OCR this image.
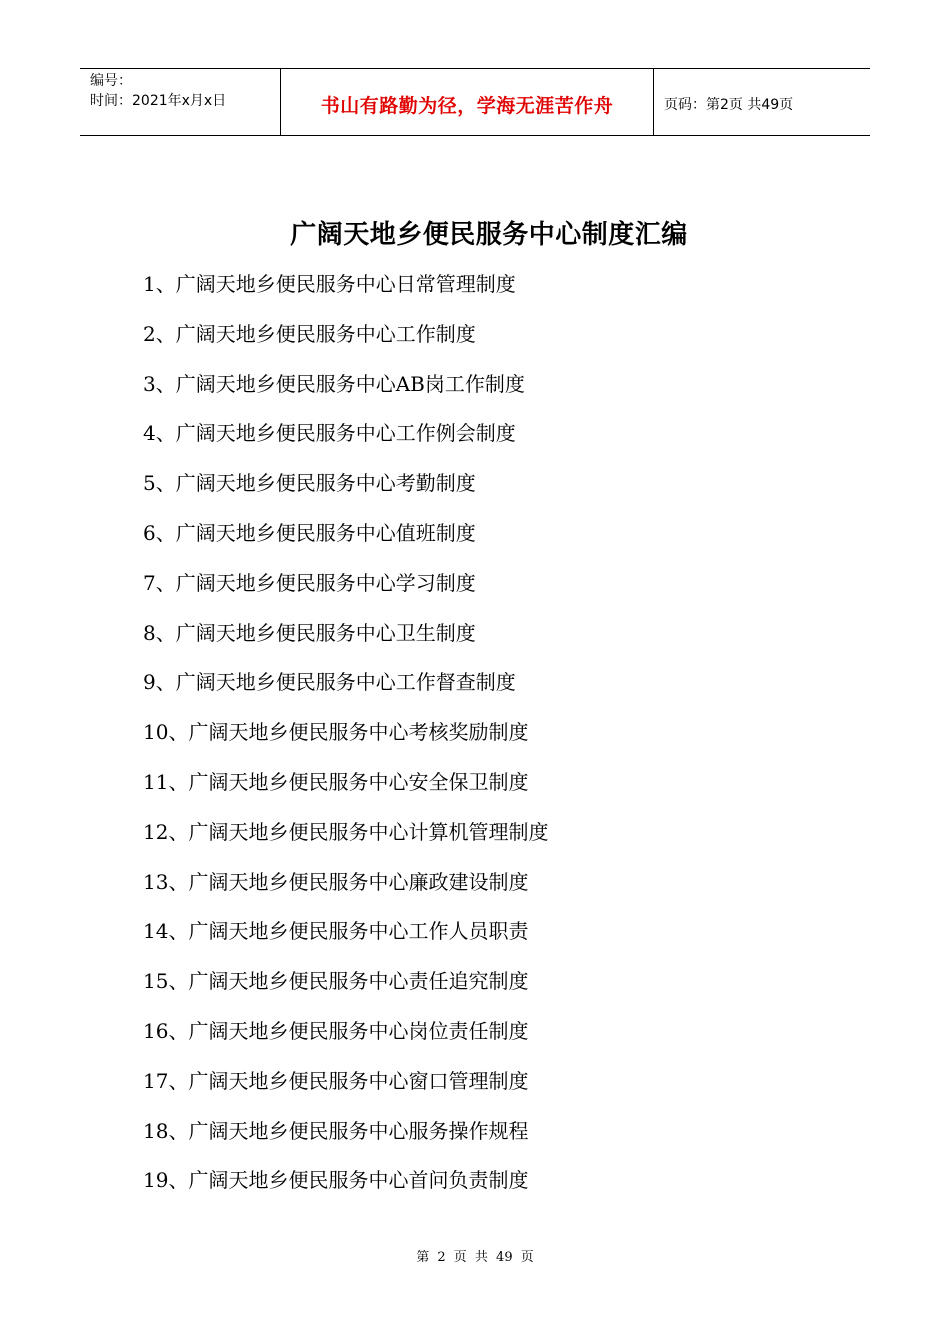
编号：
时间：2021年x月x日	书山有路勤为径，学海无涯苦作舟	页码：第2页 共49页
广阔天地乡便民服务中心制度汇编
1、广阔天地乡便民服务中心日常管理制度
2、广阔天地乡便民服务中心工作制度
3、广阔天地乡便民服务中心AB岗工作制度
4、广阔天地乡便民服务中心工作例会制度
5、广阔天地乡便民服务中心考勤制度
6、广阔天地乡便民服务中心值班制度
7、广阔天地乡便民服务中心学习制度
8、广阔天地乡便民服务中心卫生制度
9、广阔天地乡便民服务中心工作督查制度
10、广阔天地乡便民服务中心考核奖励制度
11、广阔天地乡便民服务中心安全保卫制度
12、广阔天地乡便民服务中心计算机管理制度
13、广阔天地乡便民服务中心廉政建设制度
14、广阔天地乡便民服务中心工作人员职责
15、广阔天地乡便民服务中心责任追究制度
16、广阔天地乡便民服务中心岗位责任制度
17、广阔天地乡便民服务中心窗口管理制度
18、广阔天地乡便民服务中心服务操作规程
19、广阔天地乡便民服务中心首问负责制度
第 2 页 共 49 页
